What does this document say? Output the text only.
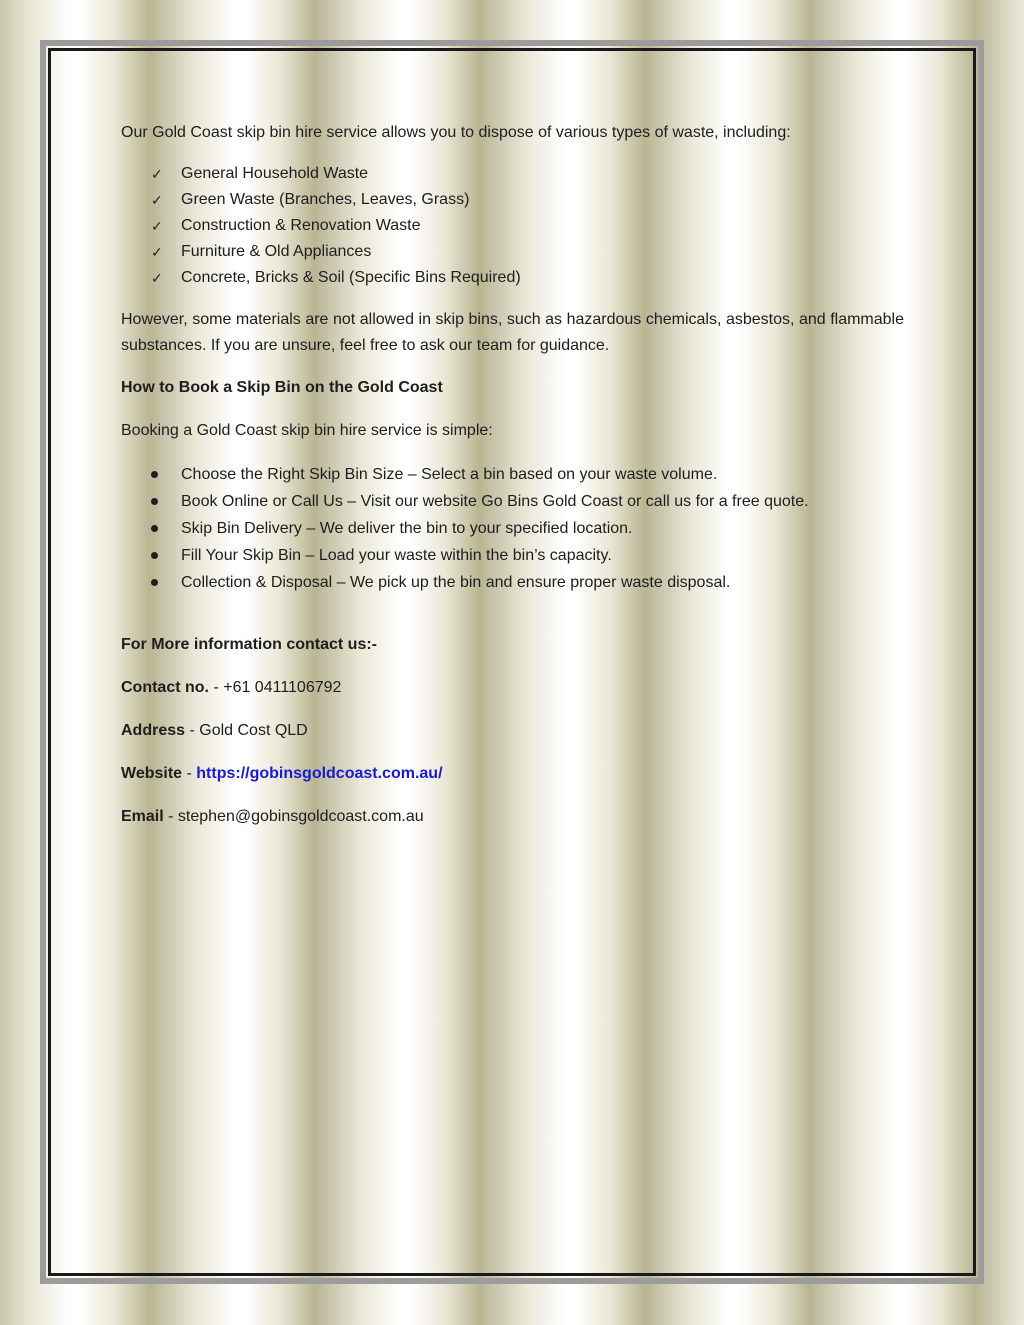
Our Gold Coast skip bin hire service allows you to dispose of various types of waste, including:

✓ General Household Waste
✓ Green Waste (Branches, Leaves, Grass)
✓ Construction & Renovation Waste
✓ Furniture & Old Appliances
✓ Concrete, Bricks & Soil (Specific Bins Required)

However, some materials are not allowed in skip bins, such as hazardous chemicals, asbestos, and flammable substances. If you are unsure, feel free to ask our team for guidance.

How to Book a Skip Bin on the Gold Coast

Booking a Gold Coast skip bin hire service is simple:

Choose the Right Skip Bin Size – Select a bin based on your waste volume.
Book Online or Call Us – Visit our website Go Bins Gold Coast or call us for a free quote.
Skip Bin Delivery – We deliver the bin to your specified location.
Fill Your Skip Bin – Load your waste within the bin’s capacity.
Collection & Disposal – We pick up the bin and ensure proper waste disposal.

For More information contact us:-

Contact no. - +61 0411106792

Address - Gold Cost QLD

Website - https://gobinsgoldcoast.com.au/

Email - stephen@gobinsgoldcoast.com.au
